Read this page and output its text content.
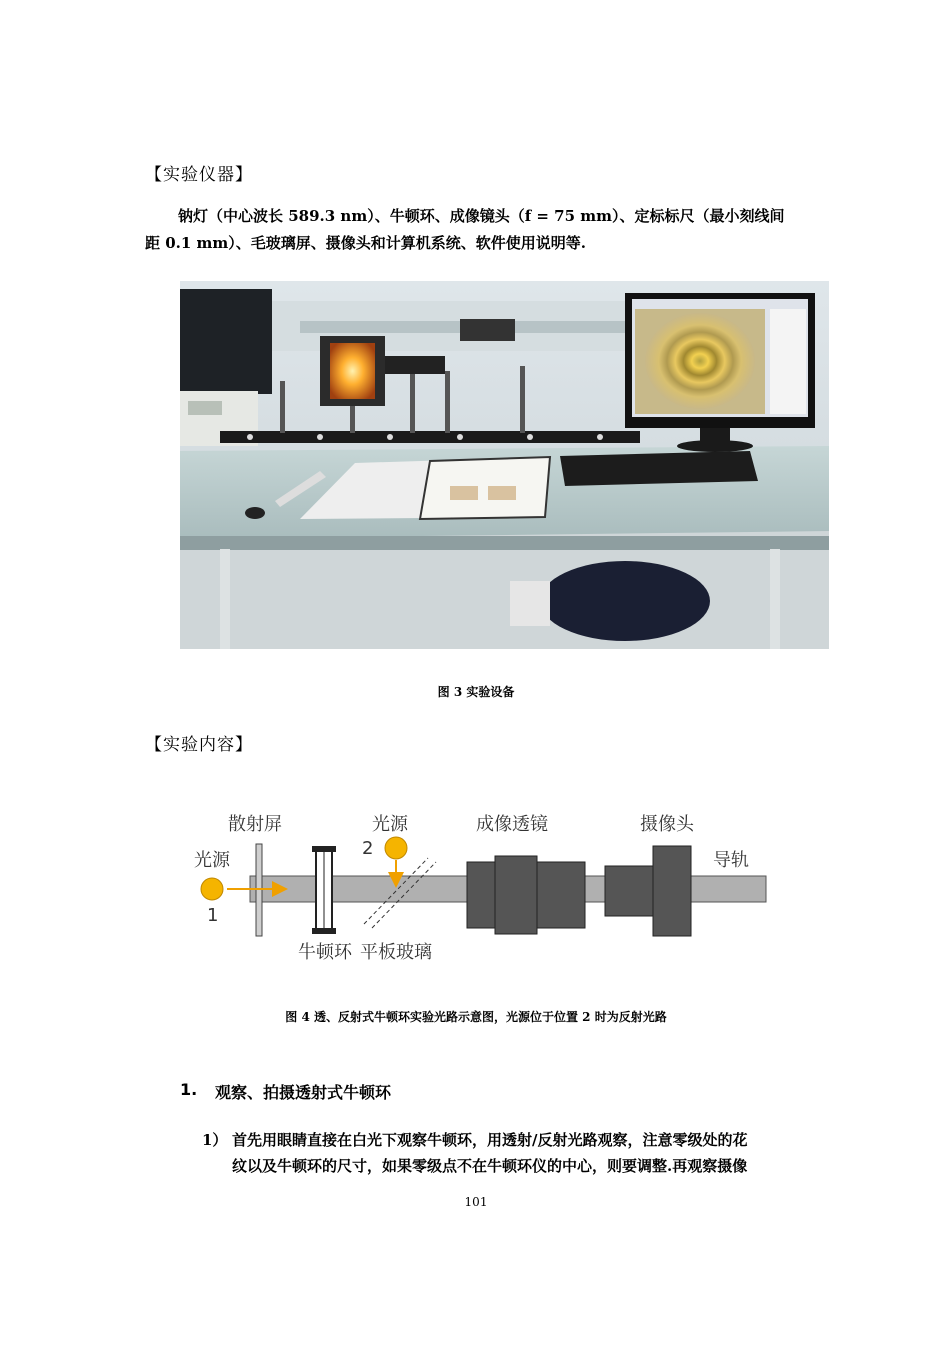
【实验仪器】
钠灯（中心波长 589.3 nm）、牛顿环、成像镜头（f = 75 mm）、定标标尺（最小刻线间
距 0.1 mm）、毛玻璃屏、摄像头和计算机系统、软件使用说明等.
图 3 实验设备
【实验内容】
散射屏	光源	成像透镜	摄像头
光源	导轨
2
1
牛顿环 平板玻璃
图 4 透、反射式牛顿环实验光路示意图，光源位于位置 2 时为反射光路
1. 观察、拍摄透射式牛顿环
1） 首先用眼睛直接在白光下观察牛顿环，用透射/反射光路观察，注意零级处的花
纹以及牛顿环的尺寸，如果零级点不在牛顿环仪的中心，则要调整.再观察摄像
101
